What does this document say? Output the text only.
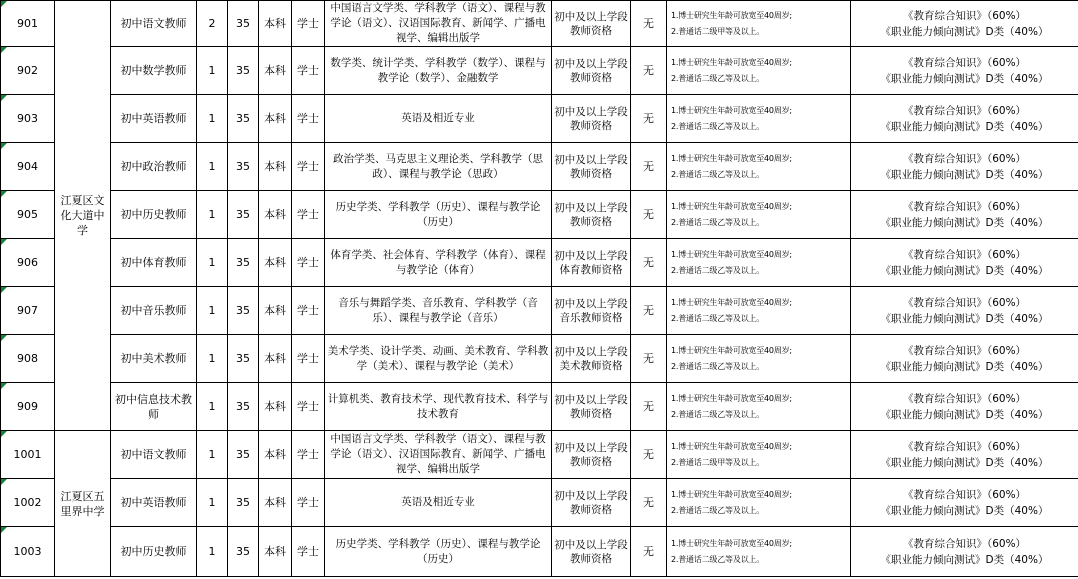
901	江夏区文化大道中学	初中语文教师	2	35	本科	学士	中国语言文学类、学科教学（语文）、课程与教学论（语文）、汉语国际教育、新闻学、广播电视学、编辑出版学	初中及以上学段教师资格	无	1.博士研究生年龄可放宽至40周岁;
2.普通话二级甲等及以上。	《教育综合知识》（60%）
《职业能力倾向测试》D类（40%）

902		初中数学教师	1	35	本科	学士	数学类、统计学类、学科教学（数学）、课程与教学论（数学）、金融数学	初中及以上学段教师资格	无	1.博士研究生年龄可放宽至40周岁;
2.普通话二级乙等及以上。	《教育综合知识》（60%）
《职业能力倾向测试》D类（40%）

903		初中英语教师	1	35	本科	学士	英语及相近专业	初中及以上学段教师资格	无	1.博士研究生年龄可放宽至40周岁;
2.普通话二级乙等及以上。	《教育综合知识》（60%）
《职业能力倾向测试》D类（40%）

904		初中政治教师	1	35	本科	学士	政治学类、马克思主义理论类、学科教学（思政）、课程与教学论（思政）	初中及以上学段教师资格	无	1.博士研究生年龄可放宽至40周岁;
2.普通话二级乙等及以上。	《教育综合知识》（60%）
《职业能力倾向测试》D类（40%）

905		初中历史教师	1	35	本科	学士	历史学类、学科教学（历史）、课程与教学论（历史）	初中及以上学段教师资格	无	1.博士研究生年龄可放宽至40周岁;
2.普通话二级乙等及以上。	《教育综合知识》（60%）
《职业能力倾向测试》D类（40%）

906		初中体育教师	1	35	本科	学士	体育学类、社会体育、学科教学（体育）、课程与教学论（体育）	初中及以上学段体育教师资格	无	1.博士研究生年龄可放宽至40周岁;
2.普通话二级乙等及以上。	《教育综合知识》（60%）
《职业能力倾向测试》D类（40%）

907		初中音乐教师	1	35	本科	学士	音乐与舞蹈学类、音乐教育、学科教学（音乐）、课程与教学论（音乐）	初中及以上学段音乐教师资格	无	1.博士研究生年龄可放宽至40周岁;
2.普通话二级乙等及以上。	《教育综合知识》（60%）
《职业能力倾向测试》D类（40%）

908		初中美术教师	1	35	本科	学士	美术学类、设计学类、动画、美术教育、学科教学（美术）、课程与教学论（美术）	初中及以上学段美术教师资格	无	1.博士研究生年龄可放宽至40周岁;
2.普通话二级乙等及以上。	《教育综合知识》（60%）
《职业能力倾向测试》D类（40%）

909		初中信息技术教师	1	35	本科	学士	计算机类、教育技术学、现代教育技术、科学与技术教育	初中及以上学段教师资格	无	1.博士研究生年龄可放宽至40周岁;
2.普通话二级乙等及以上。	《教育综合知识》（60%）
《职业能力倾向测试》D类（40%）

1001	江夏区五里界中学	初中语文教师	1	35	本科	学士	中国语言文学类、学科教学（语文）、课程与教学论（语文）、汉语国际教育、新闻学、广播电视学、编辑出版学	初中及以上学段教师资格	无	1.博士研究生年龄可放宽至40周岁;
2.普通话二级甲等及以上。	《教育综合知识》（60%）
《职业能力倾向测试》D类（40%）

1002		初中英语教师	1	35	本科	学士	英语及相近专业	初中及以上学段教师资格	无	1.博士研究生年龄可放宽至40周岁;
2.普通话二级乙等及以上。	《教育综合知识》（60%）
《职业能力倾向测试》D类（40%）

1003		初中历史教师	1	35	本科	学士	历史学类、学科教学（历史）、课程与教学论（历史）	初中及以上学段教师资格	无	1.博士研究生年龄可放宽至40周岁;
2.普通话二级乙等及以上。	《教育综合知识》（60%）
《职业能力倾向测试》D类（40%）
